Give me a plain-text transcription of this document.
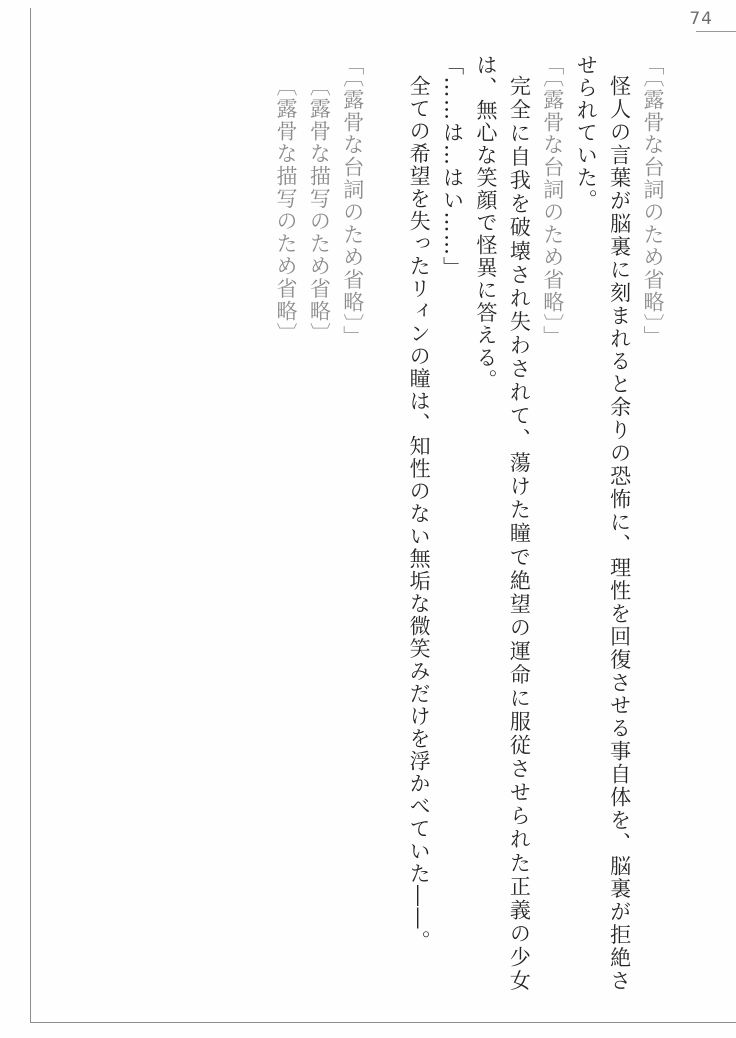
74

「〔露骨な台詞のため省略〕」

怪人の言葉が脳裏に刻まれると余りの恐怖に、理性を回復させる事自体を、脳裏が拒絶させられていた。

「〔露骨な台詞のため省略〕」

完全に自我を破壊され失わされて、蕩けた瞳で絶望の運命に服従させられた正義の少女は、無心な笑顔で怪異に答える。

「……は…はい……」

全ての希望を失ったリィンの瞳は、知性のない無垢な微笑みだけを浮かべていた――。

「〔露骨な台詞のため省略〕」

〔露骨な描写のため省略〕

〔露骨な描写のため省略〕
